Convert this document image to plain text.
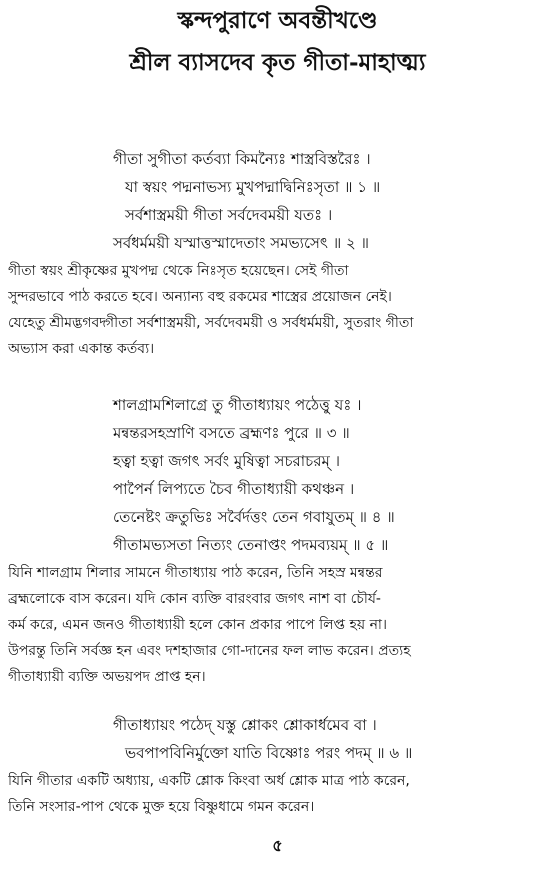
স্কন্দপুরাণে অবন্তীখণ্ডে
শ্রীল ব্যাসদেব কৃত গীতা-মাহাত্ম্য
গীতা সুগীতা কর্তব্যা কিমন্যৈঃ শাস্ত্রবিস্তরৈঃ ।
যা স্বয়ং পদ্মনাভস্য মুখপদ্মাদ্বিনিঃসৃতা ॥ ১ ॥
সর্বশাস্ত্রময়ী গীতা সর্বদেবময়ী যতঃ ।
সর্বধর্মময়ী যস্মাত্তস্মাদেতাং সমভ্যসেৎ ॥ ২ ॥
গীতা স্বয়ং শ্রীকৃষ্ণের মুখপদ্ম থেকে নিঃসৃত হয়েছেন। সেই গীতা
সুন্দরভাবে পাঠ করতে হবে। অন্যান্য বহু রকমের শাস্ত্রের প্রয়োজন নেই।
যেহেতু শ্রীমদ্ভগবদ্গীতা সর্বশাস্ত্রময়ী, সর্বদেবময়ী ও সর্বধর্মময়ী, সুতরাং গীতা
অভ্যাস করা একান্ত কর্তব্য।
শালগ্রামশিলাগ্রে তু গীতাধ্যায়ং পঠেত্তু যঃ ।
মন্বন্তরসহস্রাণি বসতে ব্রহ্মণঃ পুরে ॥ ৩ ॥
হত্বা হত্বা জগৎ সর্বং মুষিত্বা সচরাচরম্ ।
পাপৈর্ন লিপ্যতে চৈব গীতাধ্যায়ী কথঞ্চন ।
তেনেষ্টং ক্রতুভিঃ সর্বৈর্দত্তং তেন গবাযুতম্ ॥ ৪ ॥
গীতামভ্যসতা নিত্যং তেনাপ্তং পদমব্যয়ম্ ॥ ৫ ॥
যিনি শালগ্রাম শিলার সামনে গীতাধ্যায় পাঠ করেন, তিনি সহস্র মন্বন্তর
ব্রহ্মলোকে বাস করেন। যদি কোন ব্যক্তি বারংবার জগৎ নাশ বা চৌর্য-
কর্ম করে, এমন জনও গীতাধ্যায়ী হলে কোন প্রকার পাপে লিপ্ত হয় না।
উপরন্তু তিনি সর্বজ্ঞ হন এবং দশহাজার গো-দানের ফল লাভ করেন। প্রত্যহ
গীতাধ্যায়ী ব্যক্তি অভয়পদ প্রাপ্ত হন।
গীতাধ্যায়ং পঠেদ্ যস্তু শ্লোকং শ্লোকার্ধমেব বা ।
ভবপাপবিনির্মুক্তো যাতি বিষ্ণোঃ পরং পদম্ ॥ ৬ ॥
যিনি গীতার একটি অধ্যায়, একটি শ্লোক কিংবা অর্ধ শ্লোক মাত্র পাঠ করেন,
তিনি সংসার-পাপ থেকে মুক্ত হয়ে বিষ্ণুধামে গমন করেন।
৫
